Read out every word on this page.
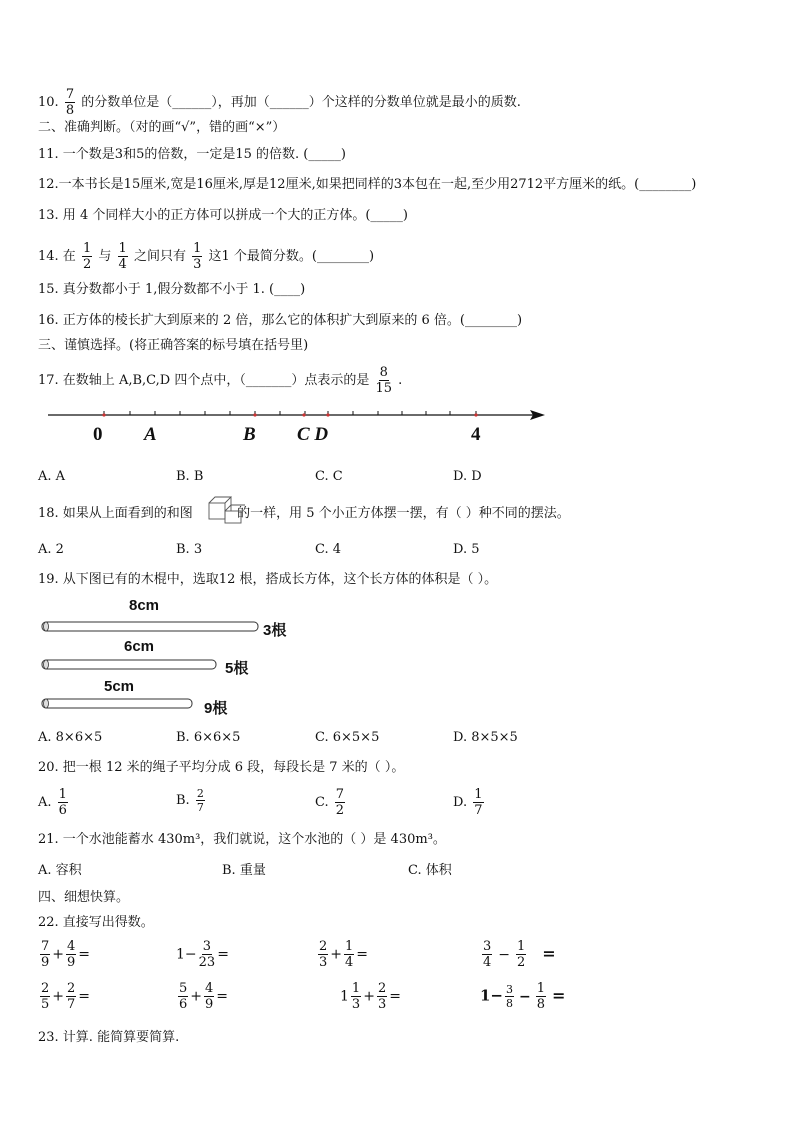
10. $\frac{7}{8}$ 的分数单位是（______），再加（______）个这样的分数单位就是最小的质数.
二、准确判断。（对的画“√”，错的画“×”）
11. 一个数是3和5的倍数，一定是15 的倍数. (_____)
12.一本书长是15厘米,宽是16厘米,厚是12厘米,如果把同样的3本包在一起,至少用2712平方厘米的纸。(________)
13. 用 4 个同样大小的正方体可以拼成一个大的正方体。(_____)
14. 在 $\frac{1}{2}$ 与 $\frac{1}{4}$ 之间只有 $\frac{1}{3}$ 这1 个最简分数。(________)
15. 真分数都小于 1,假分数都不小于 1. (____)
16. 正方体的棱长扩大到原来的 2 倍，那么它的体积扩大到原来的 6 倍。(________)
三、谨慎选择。(将正确答案的标号填在括号里)
17. 在数轴上 A,B,C,D 四个点中，（_______）点表示的是 $\frac{8}{15}$ .
0 A	B C D	4
A. A	B. B	C. C	D. D
18. 如果从上面看到的和图	的一样，用 5 个小正方体摆一摆，有（ ）种不同的摆法。
A. 2	B. 3	C. 4	D. 5
19. 从下图已有的木棍中，选取12 根，搭成长方体，这个长方体的体积是（ ）。
8cm
3根
6cm
5根
5cm
9根
A. 8×6×5	B. 6×6×5	C. 6×5×5	D. 8×5×5
20. 把一根 12 米的绳子平均分成 6 段，每段长是 7 米的（ ）。
A. $\frac{1}{6}$	B. $\frac{2}{7}$	C. $\frac{7}{2}$	D. $\frac{1}{7}$
21. 一个水池能蓄水 430m³，我们就说，这个水池的（ ）是 430m³。
A. 容积	B. 重量	C. 体积
四、细想快算。
22. 直接写出得数。
$\frac{7}{9} + \frac{4}{9}$ =	$1- \frac{3}{23}$ =	$\frac{2}{3} + \frac{1}{4}$ =	$\frac{3}{4} - \frac{1}{2}$ =
$\frac{2}{5} + \frac{2}{7}$ =	$\frac{5}{6} + \frac{4}{9}$ =	$1 \frac{1}{3} + \frac{2}{3}$ =	$1- \frac{3}{8} - \frac{1}{8}$ =
23. 计算. 能简算要简算.
